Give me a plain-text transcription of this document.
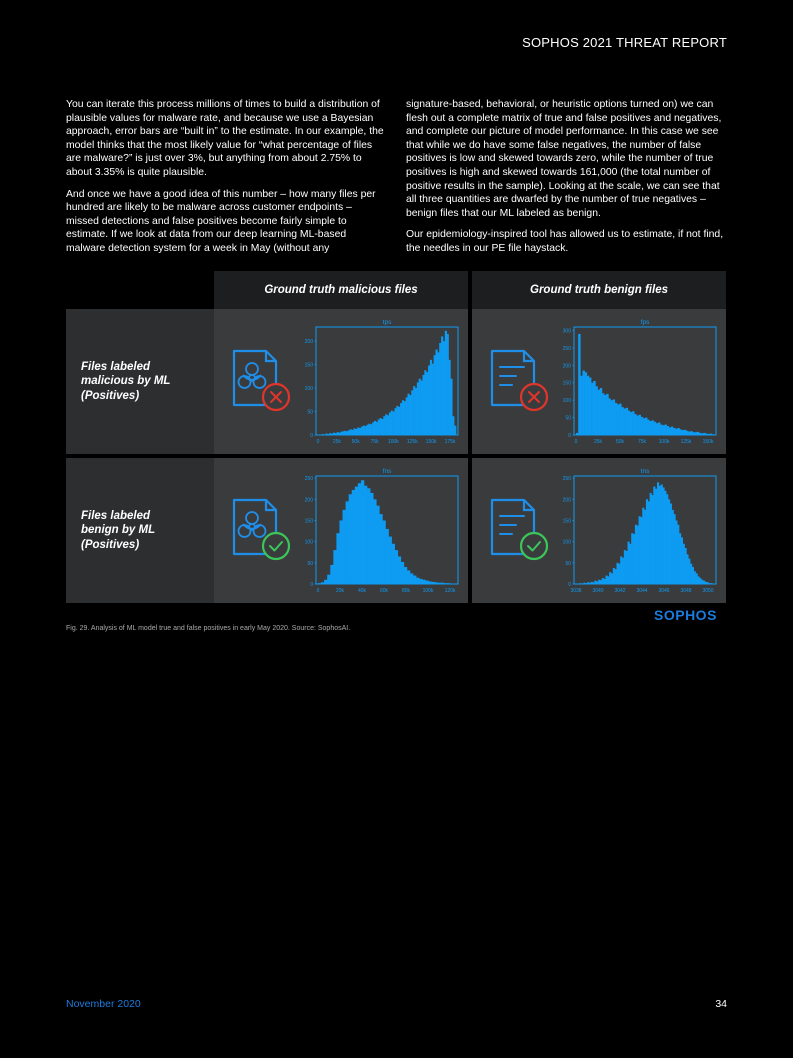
SOPHOS 2021 THREAT REPORT

You can iterate this process millions of times to build a distribution of plausible values for malware rate, and because we use a Bayesian approach, error bars are “built in” to the estimate. In our example, the model thinks that the most likely value for “what percentage of files are malware?” is just over 3%, but anything from about 2.75% to about 3.35% is quite plausible.

And once we have a good idea of this number – how many files per hundred are likely to be malware across customer endpoints – missed detections and false positives become fairly simple to estimate. If we look at data from our deep learning ML-based malware detection system for a week in May (without any

signature-based, behavioral, or heuristic options turned on) we can flesh out a complete matrix of true and false positives and negatives, and complete our picture of model performance. In this case we see that while we do have some false negatives, the number of false positives is low and skewed towards zero, while the number of true positives is high and skewed towards 161,000 (the total number of positive results in the sample). Looking at the scale, we can see that all three quantities are dwarfed by the number of true negatives – benign files that our ML labeled as benign.

Our epidemiology-inspired tool has allowed us to estimate, if not find, the needles in our PE file haystack.

Ground truth malicious files	Ground truth benign files
Files labeled malicious by ML (Positives)
Files labeled benign by ML (Positives)
tps
0
50
100
150
200
0	25k 50k 75k 100k 125k 150k 175k
fps
0
50
100
150
200
250
300
0	25k	50k	75k	100k 125k 150k
fns
0
50
100
150
200
250
0	20k	40k	60k	80k	100k 120k
tns
0
50
100
150
200
250
3038 3040 3042 3044 3046 3048 3050
SOPHOS
Fig. 29. Analysis of ML model true and false positives in early May 2020. Source: SophosAI.
November 2020	34
